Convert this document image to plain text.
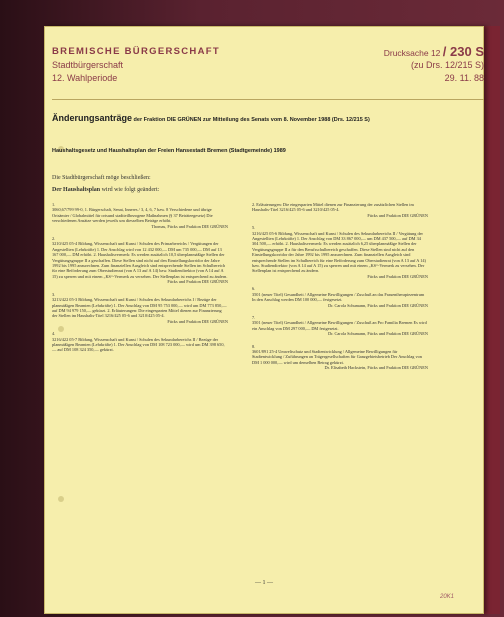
— 1 —
BREMISCHE BÜRGERSCHAFT
Stadtbürgerschaft
12. Wahlperiode
Drucksache 12 / 230 S
(zu Drs. 12/215 S)
29. 11. 88
Änderungsanträge der Fraktion DIE GRÜNEN zur Mitteilung des Senats vom 8. November 1988 (Drs. 12/215 S)
Haushaltsgesetz und Haushaltsplan der Freien Hansestadt Bremen (Stadtgemeinde) 1989
Die Stadtbürgerschaft möge beschließen:
Der Haushaltsplan wird wie folgt geändert:
1.
3060,67/799 99-0, 1. Bürgerschaft, Senat, Inneres / 3, 4, 6, 7 bzw. 8 Verschiedene und übrige Ortsämter / Globalmittel für ortsund stadtteilbezogene Maßnahmen (§ 37 Beiräteegesetz) Die verschiedenen Ansätze werden jeweils um diesselben Beträge erhöht.
Thomas, Fücks und Fraktion DIE GRÜNEN
2.
3210/425 05-4 Bildung, Wissenschaft und Kunst / Schulen des Primarbereichs / Vergütungen der Angestellten (Lehrkräfte) 1. Der Anschlag wird von 12 432 000,— DM um 735 000,— DM auf 13 167 000,— DM erhöht. 2. Haushaltsvermerk: Es werden zusätzlich 10,5 überplanmäßige Stellen der Vergütungsgruppe II a geschaffen. Diese Stellen sind nicht auf den Einstellungskorridor der Jahre 1992 bis 1995 anzurechnen. Zum finanziellen Ausgleich sind entsprechende Stellen im Schulbereich für eine Beförderung zum Oberstudienrat (von A 13 auf A 14) bzw. Studiendirektor (von A 14 auf A 15) zu sperren und mit einem „KS“-Vermerk zu versehen. Der Stellenplan ist entsprechend zu ändern.
Fücks und Fraktion DIE GRÜNEN
3.
3213/422 05-3 Bildung, Wissenschaft und Kunst / Schulen des Sekundarbereichs I / Bezüge der planmäßigen Beamten (Lehrkräfte) 1. Der Anschlag von DM 95 753 000,— wird um DM 773 850,— auf DM 94 979 150,— gekürzt. 2. Erläuterungen: Die eingesparten Mittel dienen zur Finanzierung der Stellen im Haushalts-Titel 3216/425 05-6 und 3210/425 05-4.
Fücks und Fraktion DIE GRÜNEN
4.
3216/422 05-7 Bildung, Wissenschaft und Kunst / Schulen des Sekundarbereichs II / Bezüge der planmäßigen Beamten (Lehrkräfte) 1. Der Anschlag von DM 108 723 000,— wird um DM 398 650,— auf DM 108 324 350,— gekürzt.
2. Erläuterungen: Die eingesparten Mittel dienen zur Finanzierung der zusätzlichen Stellen im Haushalts-Titel 3216/425 05-6 und 3210/425 05-4.
Fücks und Fraktion DIE GRÜNEN
5.
3216/425 05-6 Bildung, Wissenschaft und Kunst / Schulen des Sekundarbereichs II / Vergütung der Angestellten (Lehrkräfte) 1. Der Anschlag von DM 33 867 000,— um DM 437 500,— auf DM 34 304 500,— erhöht. 2. Haushaltsvermerk: Es werden zusätzlich 6,25 überplanmäßige Stellen der Vergütungsgruppe II a für den Berufsschulbereich geschaffen. Diese Stellen sind nicht auf den Einstellungskorridor der Jahre 1992 bis 1995 anzurechnen. Zum finanziellen Ausgleich sind entsprechende Stellen im Schulbereich für eine Beförderung zum Oberstudienrat (von A 13 auf A 14) bzw. Studiendirektor (von A 14 auf A 15) zu sperren und mit einem „KS“-Vermerk zu versehen. Der Stellenplan ist entsprechend zu ändern.
Fücks und Fraktion DIE GRÜNEN
6.
3501 (neuer Titel) Gesundheit / Allgemeine Bewilligungen / Zuschuß an das Frauentherapiezentrum In den Anschlag werden DM 100 000,— festgesetzt.
Dr. Carola Schumann, Fücks und Fraktion DIE GRÜNEN
7.
3501 (neuer Titel) Gesundheit / Allgemeine Bewilligungen / Zuschuß an Pro Familia Bremen Es wird ein Anschlag von DM 297 000,— DM festgesetzt.
Dr. Carola Schumann, Fücks und Fraktion DIE GRÜNEN
8.
3601/891 25-4 Umweltschutz und Stadtentwicklung / Allgemeine Bewilligungen für Stadtentwicklung / Zuführungen an Trägergesellschaften für Ganzgebietsbetrieb Der Anschlag von DM 1 000 000,— wird um denselben Betrag gekürzt.
Dr. Elisabeth Hackstein, Fücks und Fraktion DIE GRÜNEN
20K1
